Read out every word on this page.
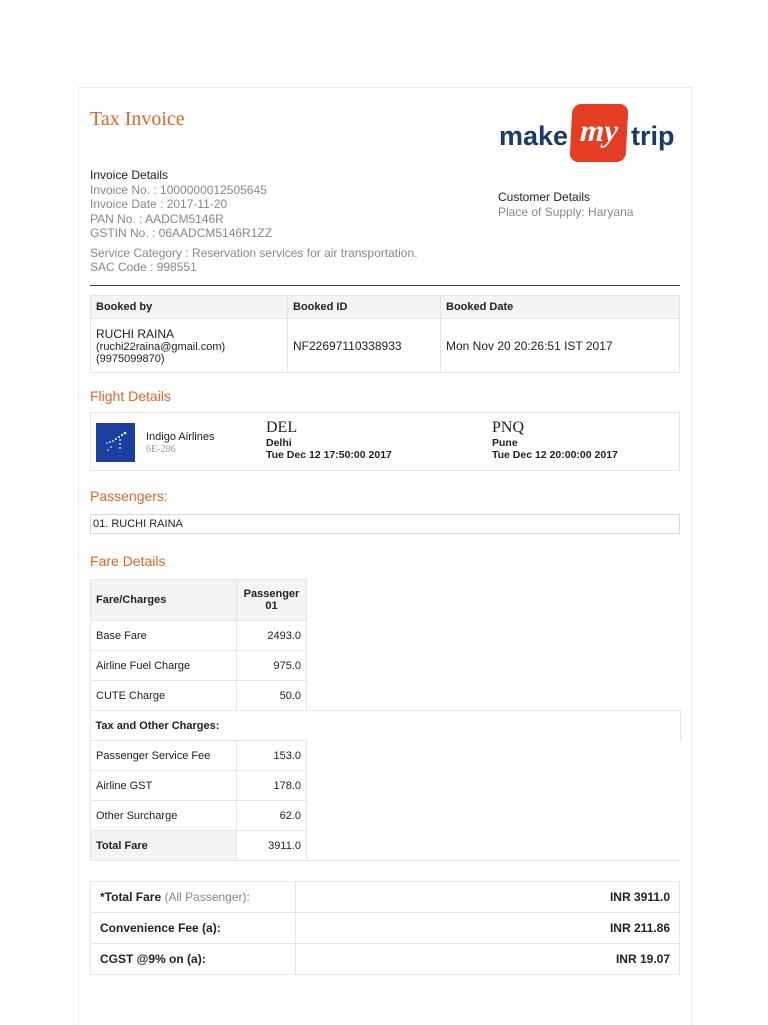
Tax Invoice
make my trip
Invoice Details
Invoice No. : 1000000012505645
Invoice Date : 2017-11-20
PAN No. : AADCM5146R
GSTIN No. : 06AADCM5146R1ZZ
Service Category : Reservation services for air transportation.
SAC Code : 998551
Customer Details
Place of Supply: Haryana
Booked by	Booked ID	Booked Date

RUCHI RAINA
(ruchi22raina@gmail.com)
(9975099870)	NF22697110338933	Mon Nov 20 20:26:51 IST 2017
Flight Details
Indigo Airlines
6E-286
DEL
Delhi
Tue Dec 12 17:50:00 2017
PNQ
Pune
Tue Dec 12 20:00:00 2017
Passengers:
01. RUCHI RAINA
Fare Details
Fare/Charges	Passenger 01
Base Fare	2493.0
Airline Fuel Charge	975.0
CUTE Charge	50.0
Tax and Other Charges:	
Passenger Service Fee	153.0
Airline GST	178.0
Other Surcharge	62.0
Total Fare	3911.0
*Total Fare (All Passenger):	INR 3911.0
Convenience Fee (a):	INR 211.86
CGST @9% on (a):	INR 19.07
